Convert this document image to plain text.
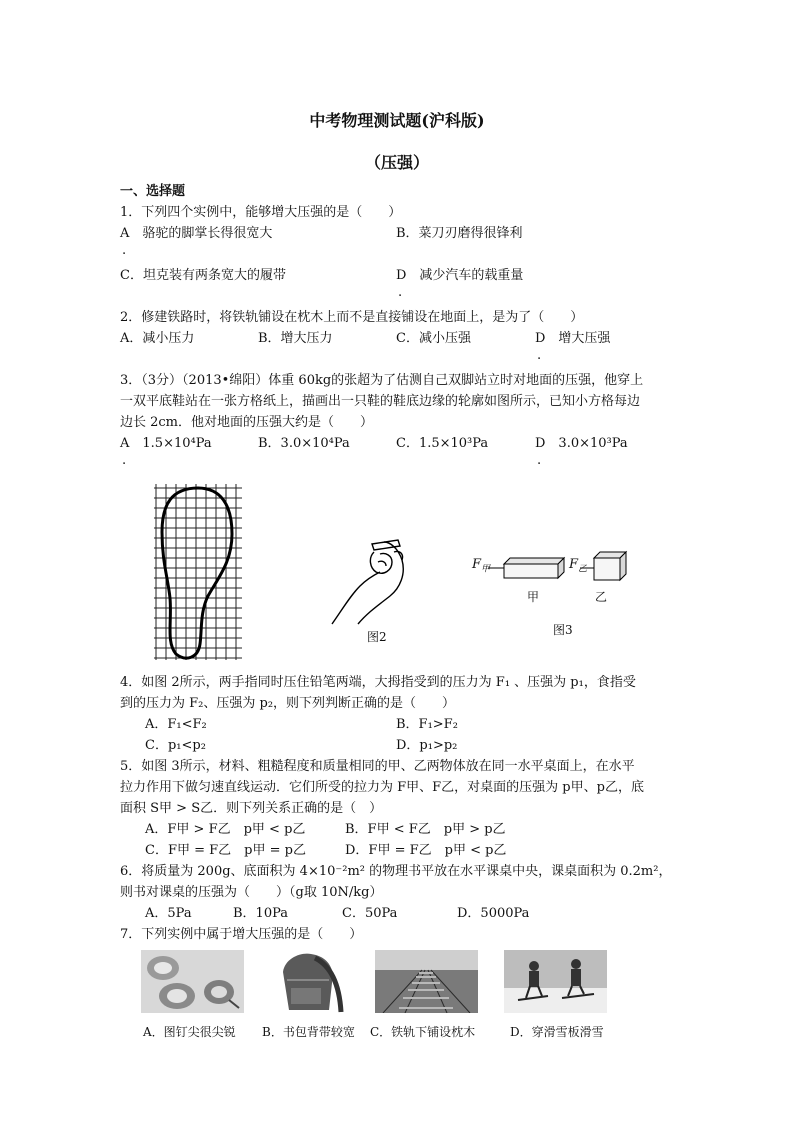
中考物理测试题(沪科版)
（压强）
一、选择题
1．下列四个实例中，能够增大压强的是（　　）
A　骆驼的脚掌长得很宽大	B．菜刀刃磨得很锋利
.
C．坦克装有两条宽大的履带	D　减少汽车的载重量
.
2．修建铁路时，将铁轨铺设在枕木上而不是直接铺设在地面上，是为了（　　）
A．减小压力	B．增大压力	C．减小压强	D　增大压强
.
3．（3分）（2013•绵阳）体重 60kg的张超为了估测自己双脚站立时对地面的压强，他穿上
一双平底鞋站在一张方格纸上，描画出一只鞋的鞋底边缘的轮廓如图所示，已知小方格每边
边长 2cm．他对地面的压强大约是（　　）
A　1.5×10⁴Pa	B．3.0×10⁴Pa	C．1.5×10³Pa	D　3.0×10³Pa
.	.
图2
$F_甲$	$F_乙$
甲	乙
图3
4．如图 2所示，两手指同时压住铅笔两端，大拇指受到的压力为 F₁ 、压强为 p₁，食指受
到的压力为 F₂、压强为 p₂，则下列判断正确的是（　　）
A．F₁<F₂	B．F₁>F₂
C．p₁<p₂	D．p₁>p₂
5．如图 3所示，材料、粗糙程度和质量相同的甲、乙两物体放在同一水平桌面上，在水平
拉力作用下做匀速直线运动．它们所受的拉力为 F甲、F乙，对桌面的压强为 p甲、p乙，底
面积 S甲 > S乙．则下列关系正确的是（　）
A．F甲 > F乙　p甲 < p乙	B．F甲 < F乙　p甲 > p乙
C．F甲 = F乙　p甲 = p乙	D．F甲 = F乙　p甲 < p乙
6．将质量为 200g、底面积为 4×10⁻²m² 的物理书平放在水平课桌中央，课桌面积为 0.2m²，
则书对课桌的压强为（　　）（g取 10N/kg）
A．5Pa	B．10Pa	C．50Pa	D．5000Pa
7．下列实例中属于增大压强的是（　　）
A．图钉尖很尖锐 B．书包背带较宽 C．铁轨下铺设枕木	D．穿滑雪板滑雪
